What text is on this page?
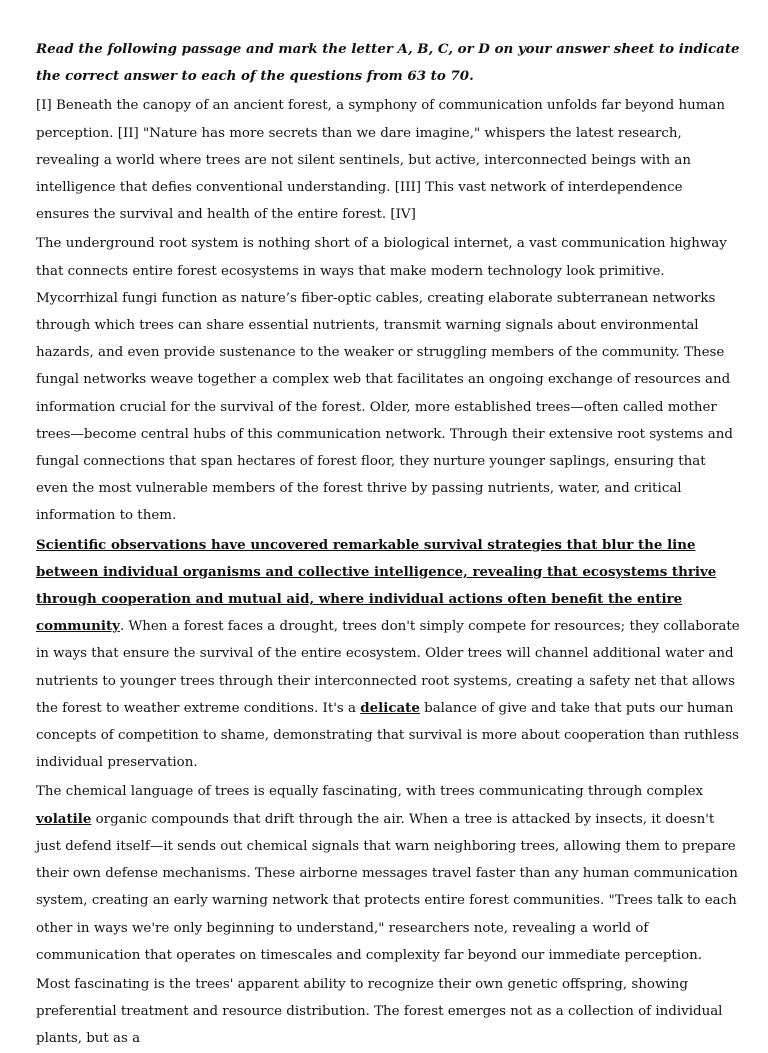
Read the following passage and mark the letter A, B, C, or D on your answer sheet to indicate the correct answer to each of the questions from 63 to 70.

[I] Beneath the canopy of an ancient forest, a symphony of communication unfolds far beyond human perception. [II] "Nature has more secrets than we dare imagine," whispers the latest research, revealing a world where trees are not silent sentinels, but active, interconnected beings with an intelligence that defies conventional understanding. [III] This vast network of interdependence ensures the survival and health of the entire forest. [IV]

The underground root system is nothing short of a biological internet, a vast communication highway that connects entire forest ecosystems in ways that make modern technology look primitive. Mycorrhizal fungi function as nature’s fiber-optic cables, creating elaborate subterranean networks through which trees can share essential nutrients, transmit warning signals about environmental hazards, and even provide sustenance to the weaker or struggling members of the community. These fungal networks weave together a complex web that facilitates an ongoing exchange of resources and information crucial for the survival of the forest. Older, more established trees—often called mother trees—become central hubs of this communication network. Through their extensive root systems and fungal connections that span hectares of forest floor, they nurture younger saplings, ensuring that even the most vulnerable members of the forest thrive by passing nutrients, water, and critical information to them.

Scientific observations have uncovered remarkable survival strategies that blur the line between individual organisms and collective intelligence, revealing that ecosystems thrive through cooperation and mutual aid, where individual actions often benefit the entire community. When a forest faces a drought, trees don't simply compete for resources; they collaborate in ways that ensure the survival of the entire ecosystem. Older trees will channel additional water and nutrients to younger trees through their interconnected root systems, creating a safety net that allows the forest to weather extreme conditions. It's a delicate balance of give and take that puts our human concepts of competition to shame, demonstrating that survival is more about cooperation than ruthless individual preservation.

The chemical language of trees is equally fascinating, with trees communicating through complex volatile organic compounds that drift through the air. When a tree is attacked by insects, it doesn't just defend itself—it sends out chemical signals that warn neighboring trees, allowing them to prepare their own defense mechanisms. These airborne messages travel faster than any human communication system, creating an early warning network that protects entire forest communities. "Trees talk to each other in ways we're only beginning to understand," researchers note, revealing a world of communication that operates on timescales and complexity far beyond our immediate perception.

Most fascinating is the trees' apparent ability to recognize their own genetic offspring, showing preferential treatment and resource distribution. The forest emerges not as a collection of individual plants, but as a
